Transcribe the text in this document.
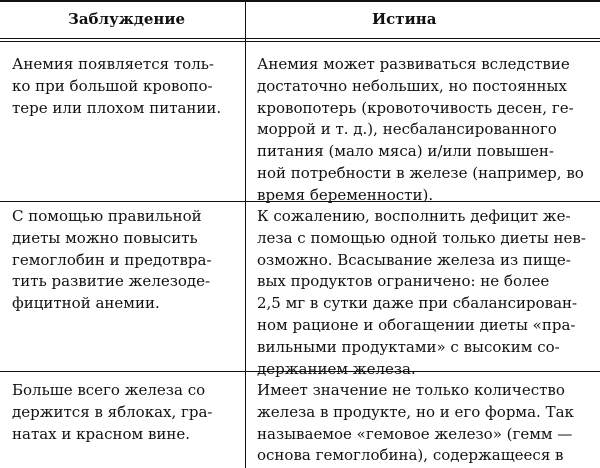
Заблуждение	Истина
Анемия появляется толь-
ко при большой кровопо-
тере или плохом питании.
Анемия может развиваться вследствие
достаточно небольших, но постоянных
кровопотерь (кровоточивость десен, ге-
моррой и т. д.), несбалансированного
питания (мало мяса) и/или повышен-
ной потребности в железе (например, во
время беременности).
С помощью правильной
диеты можно повысить
гемоглобин и предотвра-
тить развитие железоде-
фицитной анемии.
К сожалению, восполнить дефицит же-
леза с помощью одной только диеты нев-
озможно. Всасывание железа из пище-
вых продуктов ограничено: не более
2,5 мг в сутки даже при сбалансирован-
ном рационе и обогащении диеты «пра-
вильными продуктами» с высоким со-
держанием железа.
Больше всего железа со
держится в яблоках, гра-
натах и красном вине.
Имеет значение не только количество
железа в продукте, но и его форма. Так
называемое «гемовое железо» (гемм —
основа гемоглобина), содержащееся в
